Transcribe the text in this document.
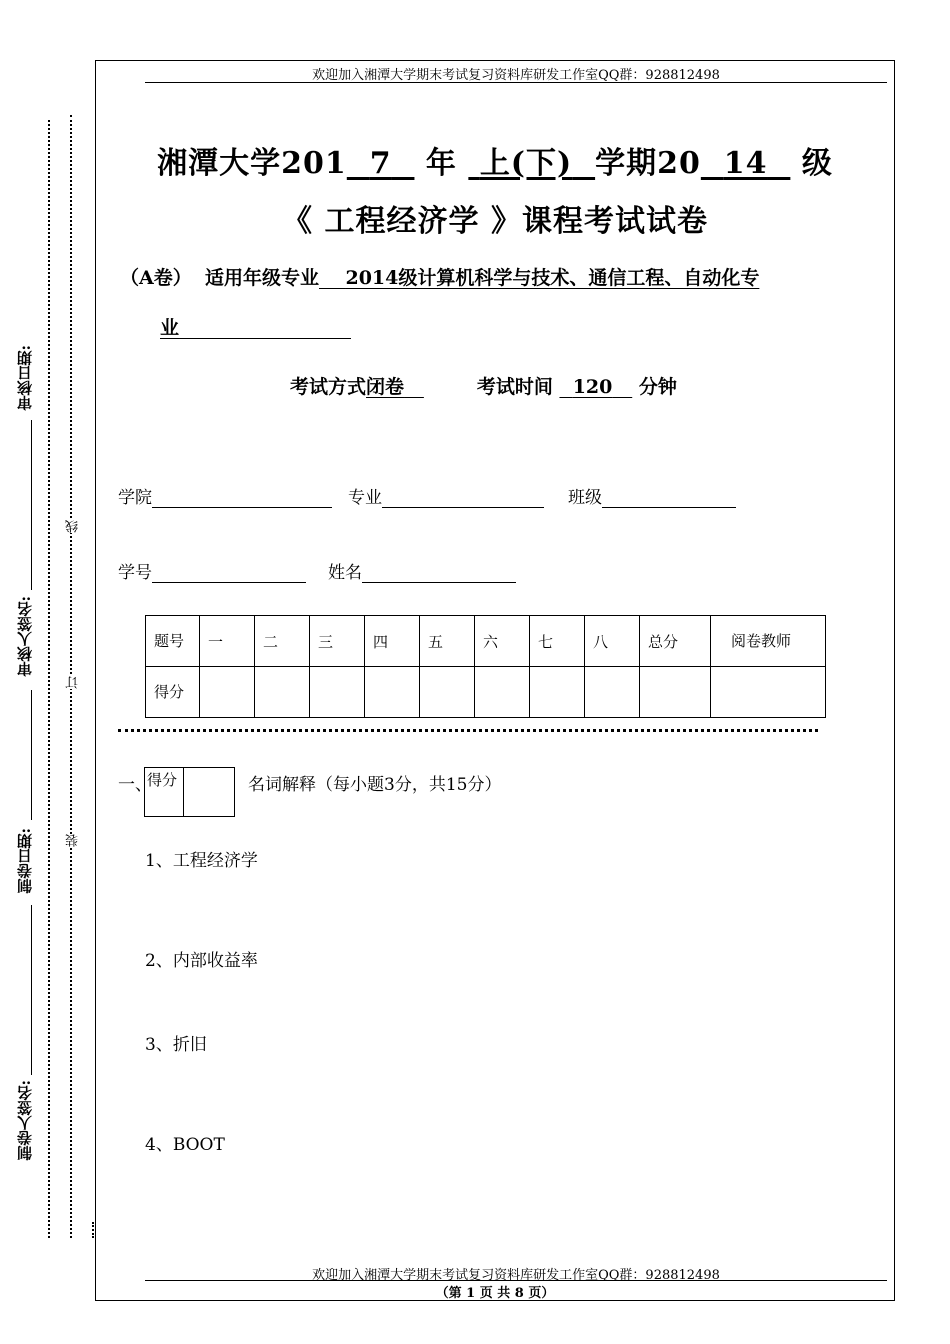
欢迎加入湘潭大学期末考试复习资料库研发工作室QQ群：928812498
湘潭大学201 7 年 上(下) 学期20 14 级
《 工程经济学 》课程考试试卷
（A卷） 适用年级专业 2014级计算机科学与技术、通信工程、自动化专
业
考试方式闭卷	考试时间 120 分钟
学院	专业	班级
学号	姓名
题号	一	二	三	四	五	六	七	八	总分	阅卷教师
得分										
线
订
装
审核日期:
审核人签名:
制卷日期:
制卷人签名:
一、
得分		名词解释（每小题3分，共15分）
1、工程经济学
2、内部收益率
3、折旧
4、BOOT
欢迎加入湘潭大学期末考试复习资料库研发工作室QQ群：928812498
（第 1 页 共 8 页）
